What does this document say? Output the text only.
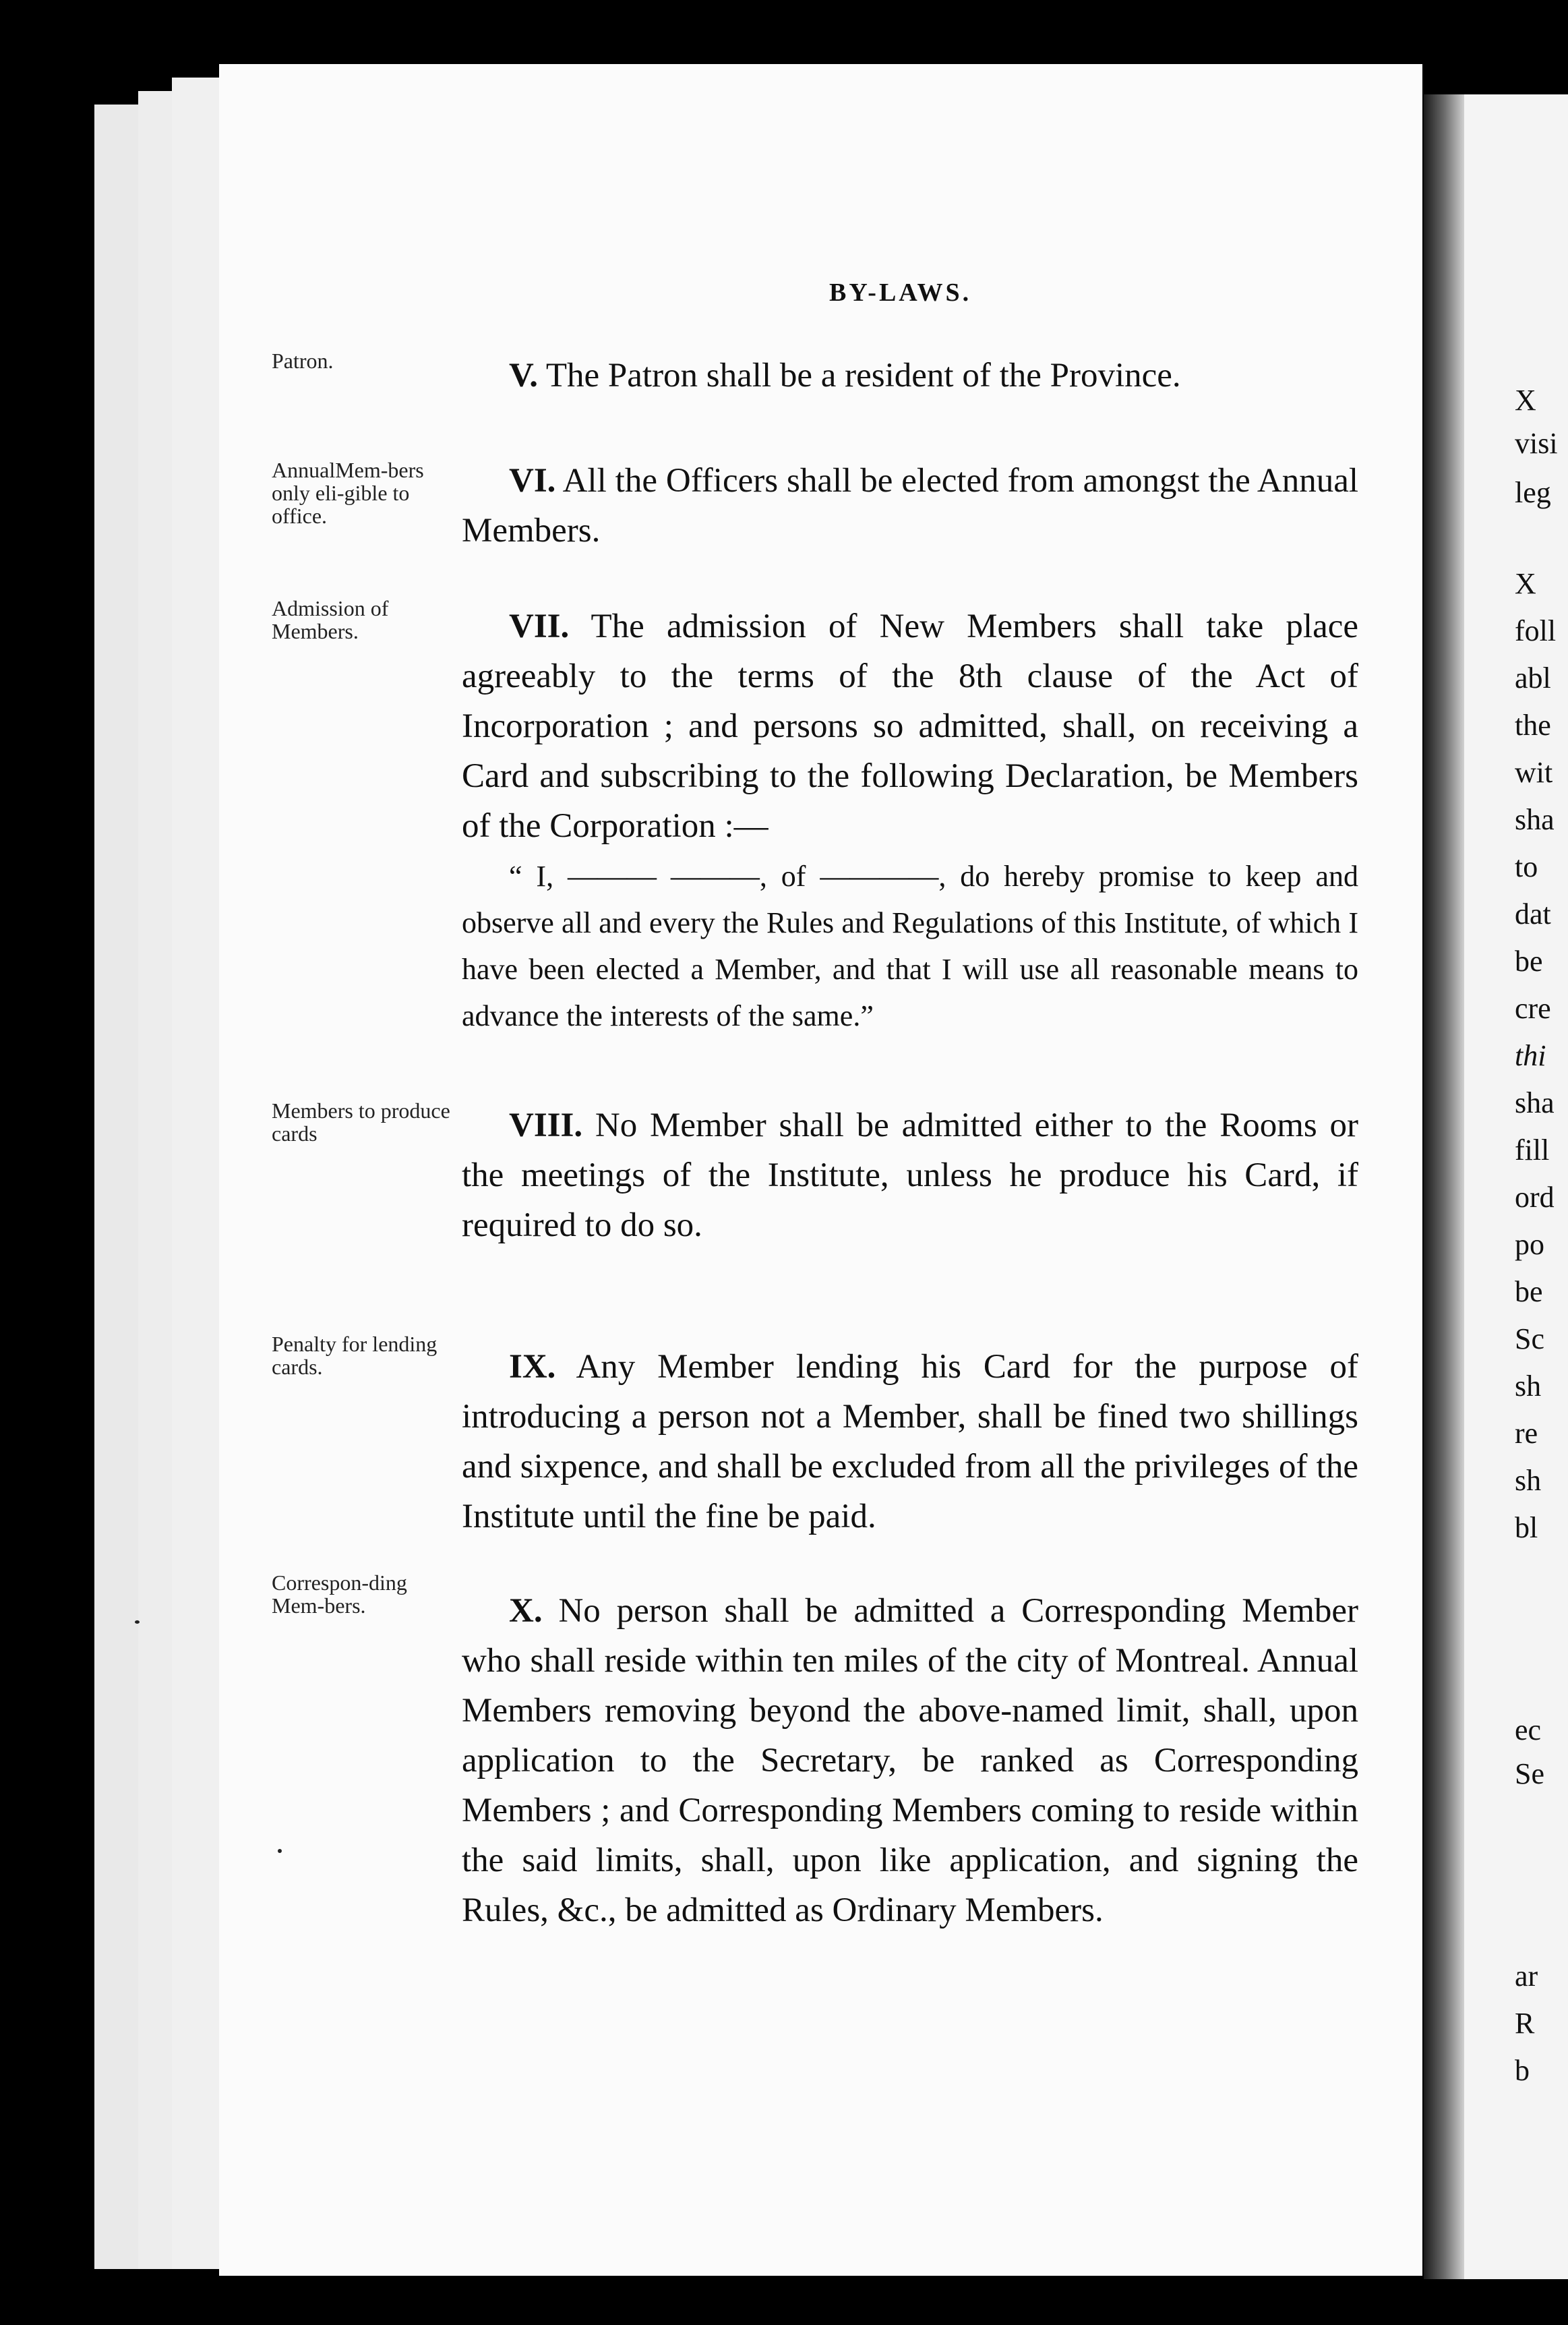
X
visi
leg
X
foll
abl
the
wit
sha
to
dat
be
cre
thi
sha
fill
ord
po
be
Sc
sh
re
sh
bl
ec
Se
ar
R
b
BY-LAWS.
Patron.	V. The Patron shall be a resident of the Province.
AnnualMem-bers only eli-gible to office.
VI. All the Officers shall be elected from amongst the Annual Members.
Admission of Members.	VII. The admission of New Members shall take place agreeably to the terms of the 8th clause of the Act of Incorporation ; and persons so admitted, shall, on receiving a Card and subscribing to the following Declaration, be Members of the Corporation :—
“ I, ——— ———, of ————, do hereby promise to keep and observe all and every the Rules and Regulations of this Institute, of which I have been elected a Member, and that I will use all reasonable means to advance the interests of the same.”
Members to produce cards	VIII. No Member shall be admitted either to the Rooms or the meetings of the Institute, unless he produce his Card, if required to do so.
Penalty for lending cards.	IX. Any Member lending his Card for the purpose of introducing a person not a Member, shall be fined two shillings and sixpence, and shall be excluded from all the privileges of the Institute until the fine be paid.
Correspon-ding Mem-bers.	X. No person shall be admitted a Corresponding Member who shall reside within ten miles of the city of Montreal. Annual Members removing beyond the above-named limit, shall, upon application to the Secretary, be ranked as Corresponding Members ; and Corresponding Members coming to reside within the said limits, shall, upon like application, and signing the Rules, &c., be admitted as Ordinary Members.
